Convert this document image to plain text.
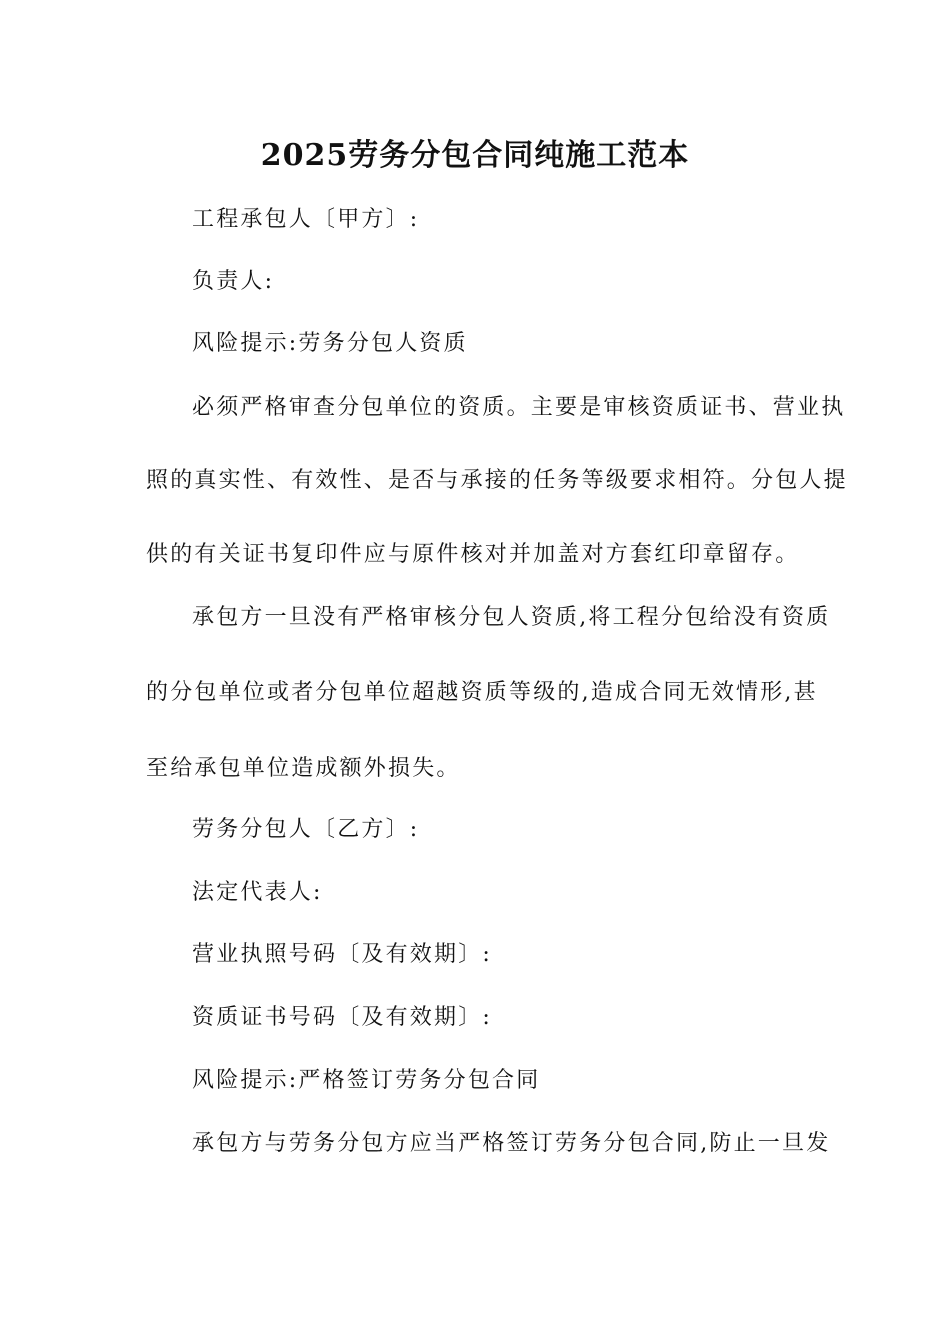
2025劳务分包合同纯施工范本
工程承包人〔甲方〕:
负责人:
风险提示:劳务分包人资质
必须严格审查分包单位的资质。主要是审核资质证书、营业执
照的真实性、有效性、是否与承接的任务等级要求相符。分包人提
供的有关证书复印件应与原件核对并加盖对方套红印章留存。
承包方一旦没有严格审核分包人资质,将工程分包给没有资质
的分包单位或者分包单位超越资质等级的,造成合同无效情形,甚
至给承包单位造成额外损失。
劳务分包人〔乙方〕:
法定代表人:
营业执照号码〔及有效期〕:
资质证书号码〔及有效期〕:
风险提示:严格签订劳务分包合同
承包方与劳务分包方应当严格签订劳务分包合同,防止一旦发
